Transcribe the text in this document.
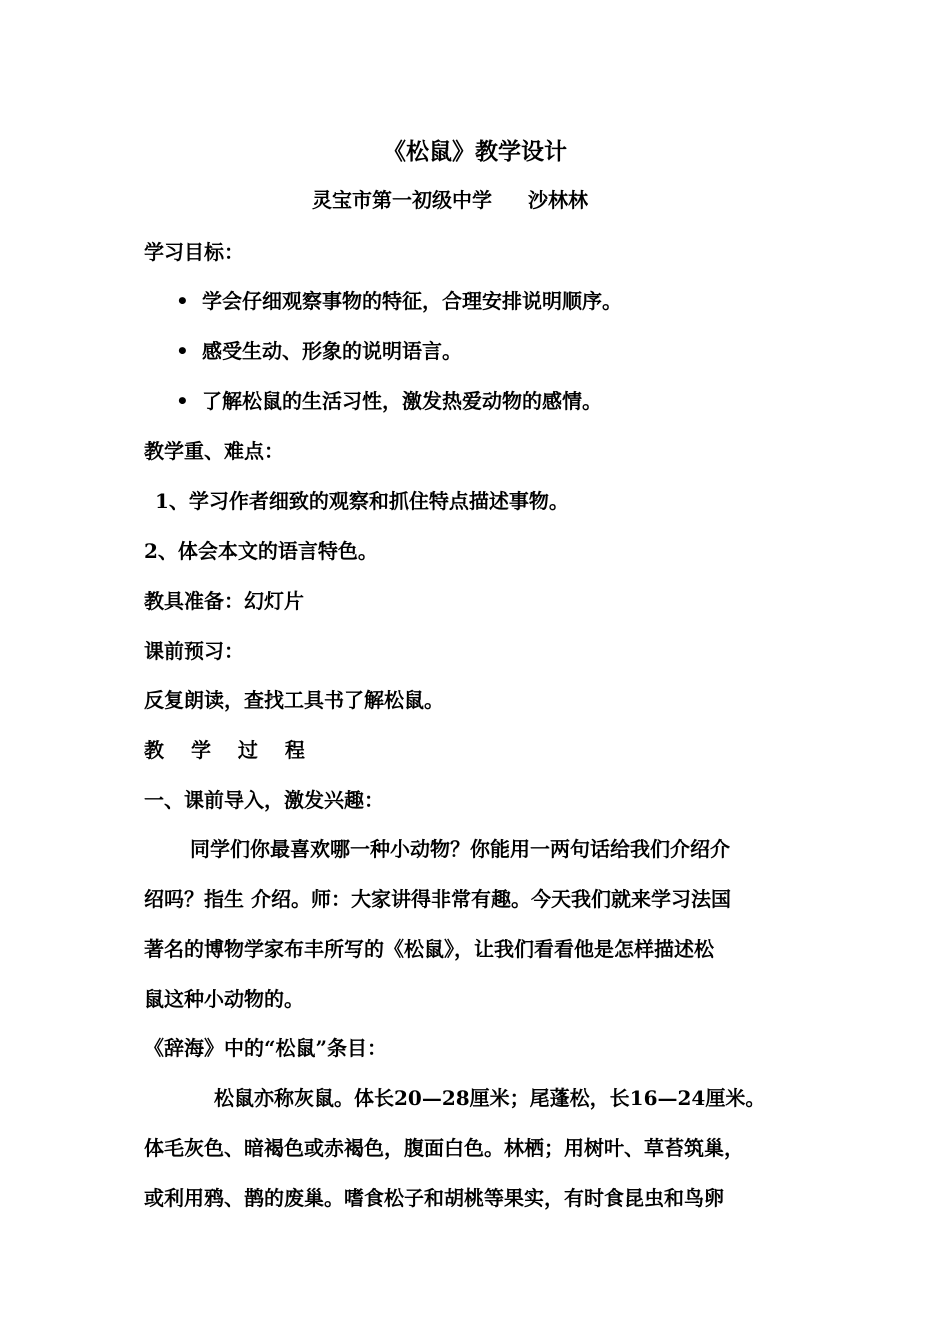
《松鼠》教学设计
灵宝市第一初级中学 沙林林
学习目标：
• 学会仔细观察事物的特征，合理安排说明顺序。
• 感受生动、形象的说明语言。
• 了解松鼠的生活习性，激发热爱动物的感情。
教学重、难点：
1、学习作者细致的观察和抓住特点描述事物。
2、体会本文的语言特色。
教具准备：幻灯片
课前预习：
反复朗读，查找工具书了解松鼠。
教 学 过 程
一、课前导入，激发兴趣：
同学们你最喜欢哪一种小动物？你能用一两句话给我们介绍介
绍吗？指生 介绍。师：大家讲得非常有趣。今天我们就来学习法国
著名的博物学家布丰所写的《松鼠》，让我们看看他是怎样描述松
鼠这种小动物的。
《辞海》中的“松鼠”条目：
松鼠亦称灰鼠。体长20—28厘米；尾蓬松，长16—24厘米。
体毛灰色、暗褐色或赤褐色，腹面白色。林栖；用树叶、草苔筑巢，
或利用鸦、鹊的废巢。嗜食松子和胡桃等果实，有时食昆虫和鸟卵
